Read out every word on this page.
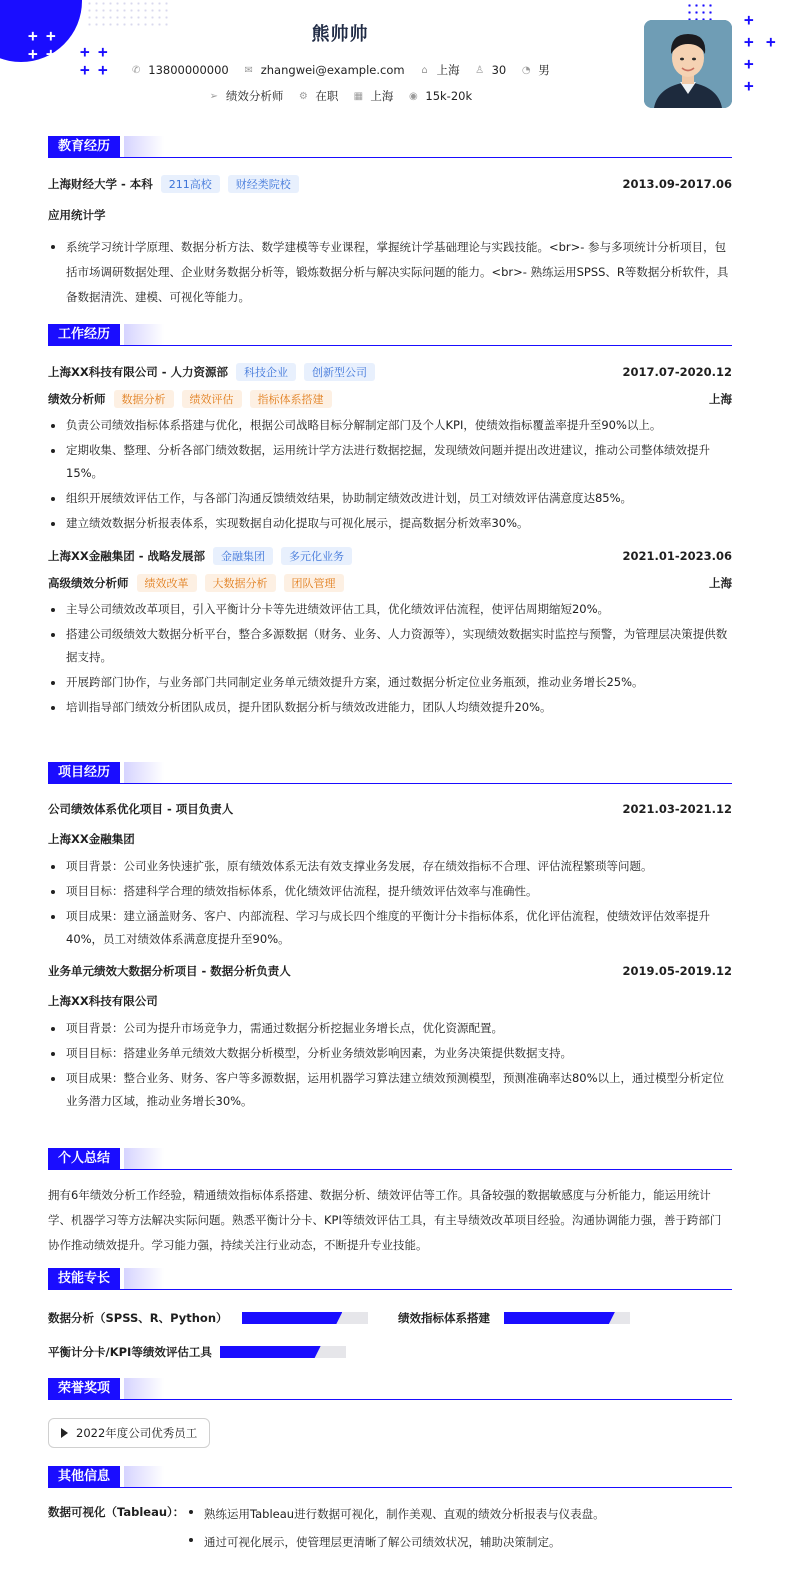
+ +
+ + + +
+ +
+
+ +
+
+
熊帅帅
✆ 13800000000 ✉ zhangwei@example.com ⌂ 上海 ♙ 30 ◔ 男
➢ 绩效分析师 ⚙ 在职 ▦ 上海 ◉ 15k-20k
教育经历
上海财经大学 - 本科	211高校	财经类院校	2013.09-2017.06
应用统计学
系统学习统计学原理、数据分析方法、数学建模等专业课程，掌握统计学基础理论与实践技能。<br>- 参与多项统计分析项目，包括市场调研数据处理、企业财务数据分析等，锻炼数据分析与解决实际问题的能力。<br>- 熟练运用SPSS、R等数据分析软件，具备数据清洗、建模、可视化等能力。
工作经历
上海XX科技有限公司 - 人力资源部	科技企业	创新型公司	2017.07-2020.12
绩效分析师	数据分析	绩效评估	指标体系搭建	上海
负责公司绩效指标体系搭建与优化，根据公司战略目标分解制定部门及个人KPI，使绩效指标覆盖率提升至90%以上。
定期收集、整理、分析各部门绩效数据，运用统计学方法进行数据挖掘，发现绩效问题并提出改进建议，推动公司整体绩效提升15%。
组织开展绩效评估工作，与各部门沟通反馈绩效结果，协助制定绩效改进计划，员工对绩效评估满意度达85%。
建立绩效数据分析报表体系，实现数据自动化提取与可视化展示，提高数据分析效率30%。
上海XX金融集团 - 战略发展部	金融集团	多元化业务	2021.01-2023.06
高级绩效分析师	绩效改革	大数据分析	团队管理	上海
主导公司绩效改革项目，引入平衡计分卡等先进绩效评估工具，优化绩效评估流程，使评估周期缩短20%。
搭建公司级绩效大数据分析平台，整合多源数据（财务、业务、人力资源等），实现绩效数据实时监控与预警，为管理层决策提供数据支持。
开展跨部门协作，与业务部门共同制定业务单元绩效提升方案，通过数据分析定位业务瓶颈，推动业务增长25%。
培训指导部门绩效分析团队成员，提升团队数据分析与绩效改进能力，团队人均绩效提升20%。
项目经历
公司绩效体系优化项目 - 项目负责人	2021.03-2021.12
上海XX金融集团
项目背景：公司业务快速扩张，原有绩效体系无法有效支撑业务发展，存在绩效指标不合理、评估流程繁琐等问题。
项目目标：搭建科学合理的绩效指标体系，优化绩效评估流程，提升绩效评估效率与准确性。
项目成果：建立涵盖财务、客户、内部流程、学习与成长四个维度的平衡计分卡指标体系，优化评估流程，使绩效评估效率提升40%，员工对绩效体系满意度提升至90%。
业务单元绩效大数据分析项目 - 数据分析负责人	2019.05-2019.12
上海XX科技有限公司
项目背景：公司为提升市场竞争力，需通过数据分析挖掘业务增长点，优化资源配置。
项目目标：搭建业务单元绩效大数据分析模型，分析业务绩效影响因素，为业务决策提供数据支持。
项目成果：整合业务、财务、客户等多源数据，运用机器学习算法建立绩效预测模型，预测准确率达80%以上，通过模型分析定位业务潜力区域，推动业务增长30%。
个人总结
拥有6年绩效分析工作经验，精通绩效指标体系搭建、数据分析、绩效评估等工作。具备较强的数据敏感度与分析能力，能运用统计学、机器学习等方法解决实际问题。熟悉平衡计分卡、KPI等绩效评估工具，有主导绩效改革项目经验。沟通协调能力强，善于跨部门协作推动绩效提升。学习能力强，持续关注行业动态，不断提升专业技能。
技能专长
数据分析（SPSS、R、Python）	绩效指标体系搭建
平衡计分卡/KPI等绩效评估工具
荣誉奖项
2022年度公司优秀员工
其他信息
数据可视化（Tableau）：	熟练运用Tableau进行数据可视化，制作美观、直观的绩效分析报表与仪表盘。
通过可视化展示，使管理层更清晰了解公司绩效状况，辅助决策制定。
